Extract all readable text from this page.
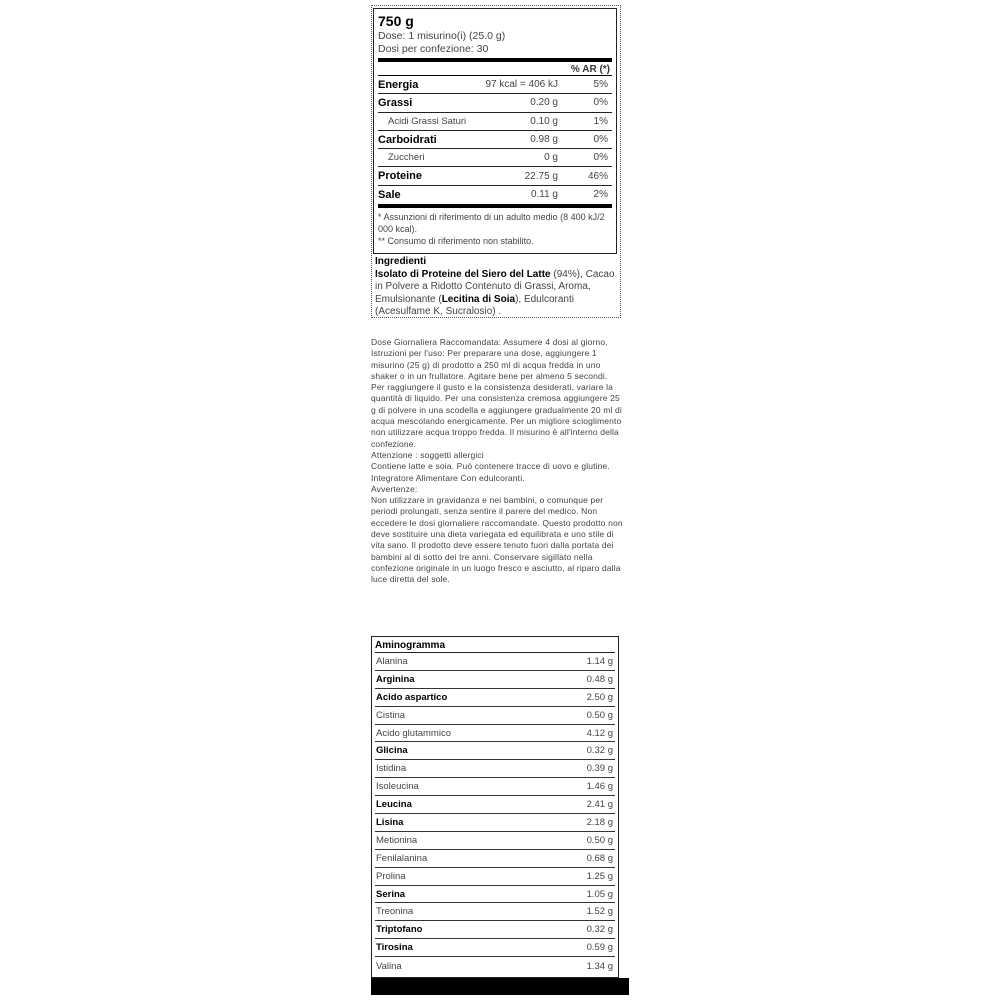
750 g
Dose: 1 misurino(i) (25.0 g)
Dosi per confezione: 30
% AR (*)
Energia	97 kcal = 406 kJ	5%
Grassi	0.20 g	0%
Acidi Grassi Saturi	0.10 g	1%
Carboidrati	0.98 g	0%
Zuccheri	0 g	0%
Proteine	22.75 g	46%
Sale	0.11 g	2%
* Assunzioni di riferimento di un adulto medio (8 400 kJ/2 000 kcal).
** Consumo di riferimento non stabilito.
Ingredienti
Isolato di Proteine del Siero del Latte (94%), Cacao in Polvere a Ridotto Contenuto di Grassi, Aroma, Emulsionante (Lecitina di Soia), Edulcoranti (Acesulfame K, Sucralosio) .

Dose Giornaliera Raccomandata: Assumere 4 dosi al giorno. Istruzioni per l'uso: Per preparare una dose, aggiungere 1 misurino (25 g) di prodotto a 250 ml di acqua fredda in uno shaker o in un frullatore. Agitare bene per almeno 5 secondi. Per raggiungere il gusto e la consistenza desiderati, variare la quantità di liquido. Per una consistenza cremosa aggiungere 25 g di polvere in una scodella e aggiungere gradualmente 20 ml di acqua mescolando energicamente. Per un migliore scioglimento non utilizzare acqua troppo fredda. Il misurino è all'interno della confezione.

Attenzione : soggetti allergici

Contiene latte e soia. Può contenere tracce di uovo e glutine. Integratore Alimentare Con edulcoranti.

Avvertenze:

Non utilizzare in gravidanza e nei bambini, o comunque per periodi prolungati, senza sentire il parere del medico. Non eccedere le dosi giornaliere raccomandate. Questo prodotto non deve sostituire una dieta variegata ed equilibrata e uno stile di vita sano. Il prodotto deve essere tenuto fuori dalla portata dei bambini al di sotto dei tre anni. Conservare sigillato nella confezione originale in un luogo fresco e asciutto, al riparo dalla luce diretta del sole.

Aminogramma
Alanina	1.14 g
Arginina	0.48 g
Acido aspartico	2.50 g
Cistina	0.50 g
Acido glutammico	4.12 g
Glicina	0.32 g
Istidina	0.39 g
Isoleucina	1.46 g
Leucina	2.41 g
Lisina	2.18 g
Metionina	0.50 g
Fenilalanina	0.68 g
Prolina	1.25 g
Serina	1.05 g
Treonina	1.52 g
Triptofano	0.32 g
Tirosina	0.59 g
Valina	1.34 g
